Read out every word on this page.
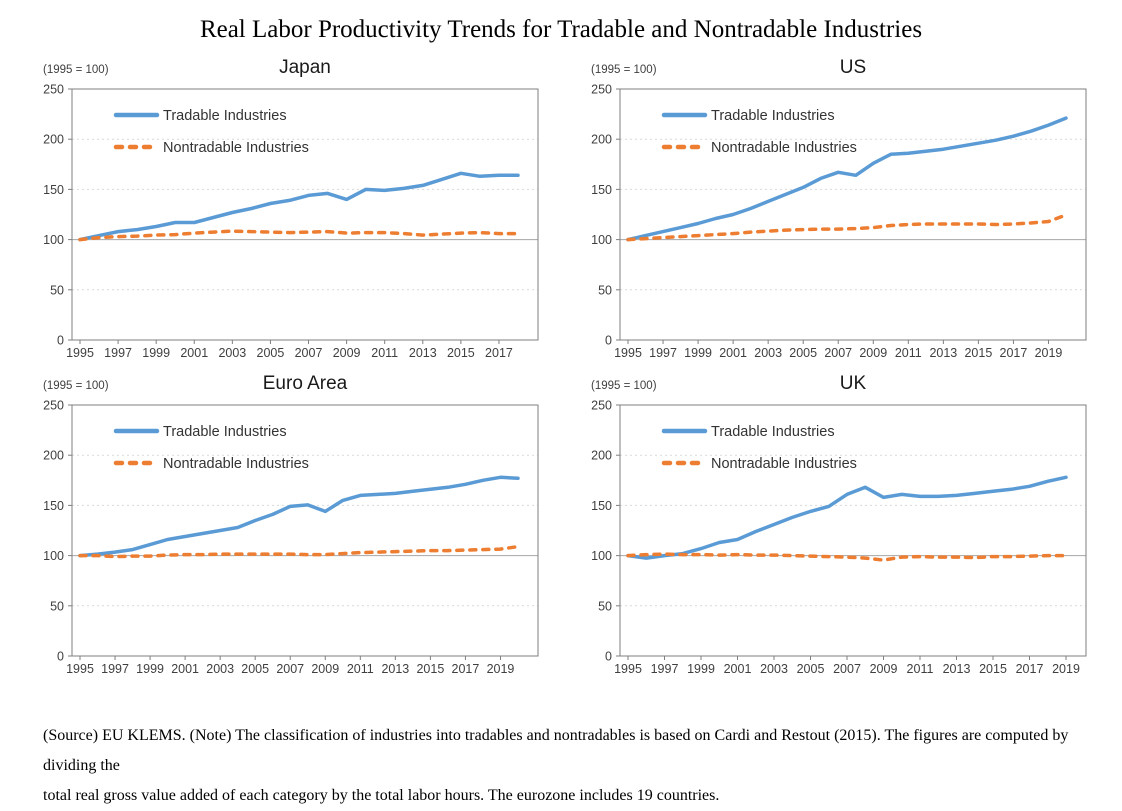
Real Labor Productivity Trends for Tradable and Nontradable Industries
(1995 = 100)	Japan
0
50
100
150
200
250
1995 1997 1999 2001 2003 2005 2007 2009 2011 2013 2015 2017
Tradable Industries
Nontradable Industries
(1995 = 100)	US
0
50
100
150
200
250
1995 1997 1999 2001 2003 2005 2007 2009 2011 2013 2015 2017 2019
Tradable Industries
Nontradable Industries
(1995 = 100)	Euro Area
0
50
100
150
200
250
1995 1997 1999 2001 2003 2005 2007 2009 2011 2013 2015 2017 2019
Tradable Industries
Nontradable Industries
(1995 = 100)	UK
0
50
100
150
200
250
1995 1997 1999 2001 2003 2005 2007 2009 2011 2013 2015 2017 2019
Tradable Industries
Nontradable Industries
(Source) EU KLEMS. (Note) The classification of industries into tradables and nontradables is based on Cardi and Restout (2015). The figures are computed by dividing the
total real gross value added of each category by the total labor hours. The eurozone includes 19 countries.
